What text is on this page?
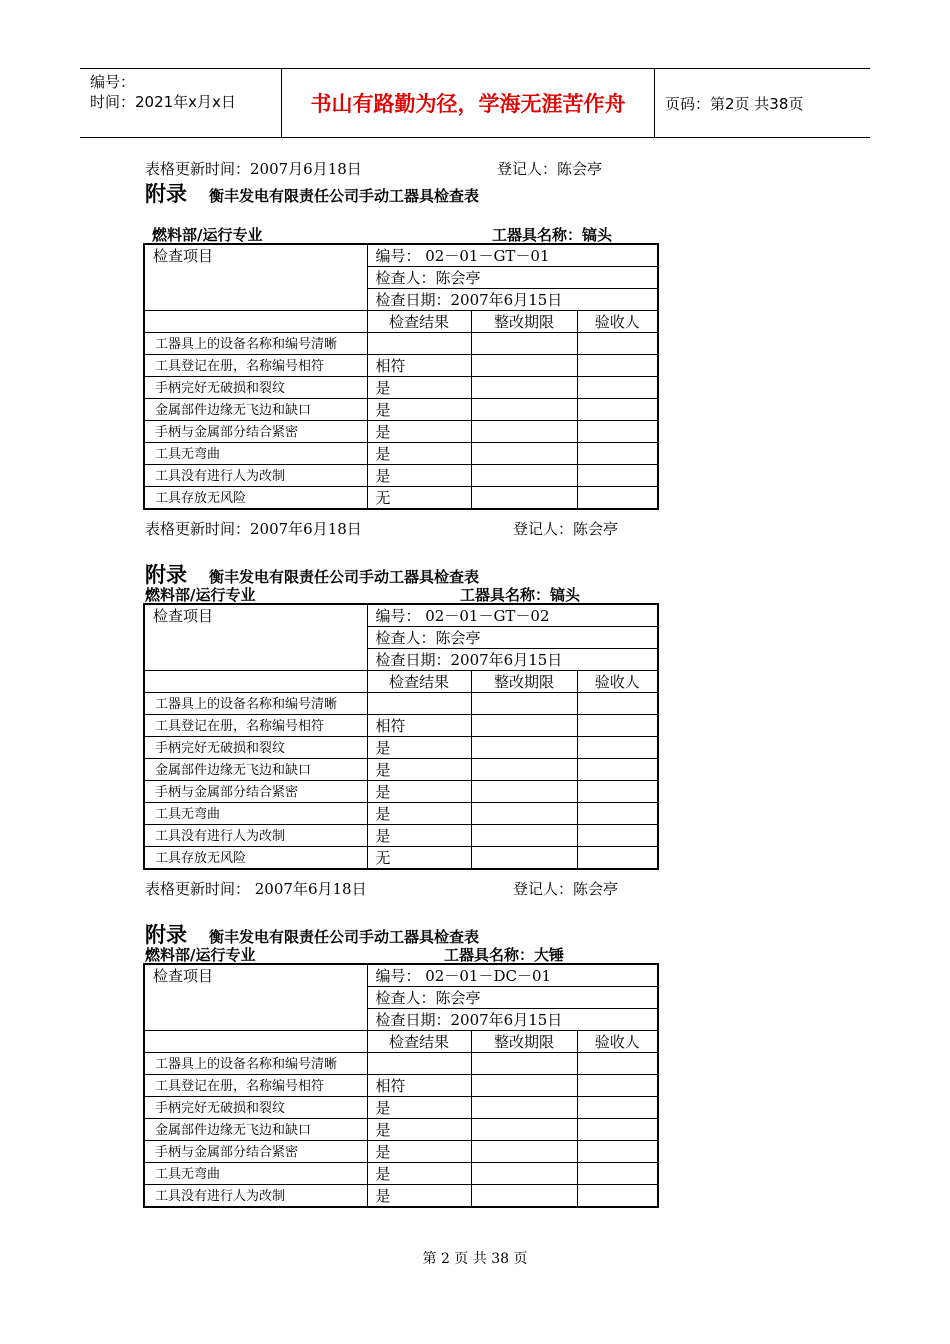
编号：
时间：2021年x月x日	书山有路勤为径，学海无涯苦作舟	页码：第2页 共38页
表格更新时间：2007月6月18日	登记人：陈会亭
附录 衡丰发电有限责任公司手动工器具检查表
燃料部/运行专业	工器具名称：镐头
检查项目	编号： 02－01－GT－01		
	检查人：陈会亭		
	检查日期：2007年6月15日		
	检查结果	整改期限	验收人
工器具上的设备名称和编号清晰			
工具登记在册，名称编号相符	相符		
手柄完好无破损和裂纹	是		
金属部件边缘无飞边和缺口	是		
手柄与金属部分结合紧密	是		
工具无弯曲	是		
工具没有进行人为改制	是		
工具存放无风险	无		
表格更新时间：2007年6月18日	登记人：陈会亭
附录 衡丰发电有限责任公司手动工器具检查表
燃料部/运行专业	工器具名称：镐头
检查项目	编号： 02－01－GT－02		
	检查人：陈会亭		
	检查日期：2007年6月15日		
	检查结果	整改期限	验收人
工器具上的设备名称和编号清晰			
工具登记在册，名称编号相符	相符		
手柄完好无破损和裂纹	是		
金属部件边缘无飞边和缺口	是		
手柄与金属部分结合紧密	是		
工具无弯曲	是		
工具没有进行人为改制	是		
工具存放无风险	无		
表格更新时间： 2007年6月18日	登记人：陈会亭
附录 衡丰发电有限责任公司手动工器具检查表
燃料部/运行专业	工器具名称：大锤
检查项目	编号： 02－01－DC－01		
	检查人：陈会亭		
	检查日期：2007年6月15日		
	检查结果	整改期限	验收人
工器具上的设备名称和编号清晰			
工具登记在册，名称编号相符	相符		
手柄完好无破损和裂纹	是		
金属部件边缘无飞边和缺口	是		
手柄与金属部分结合紧密	是		
工具无弯曲	是		
工具没有进行人为改制	是		
第 2 页 共 38 页
